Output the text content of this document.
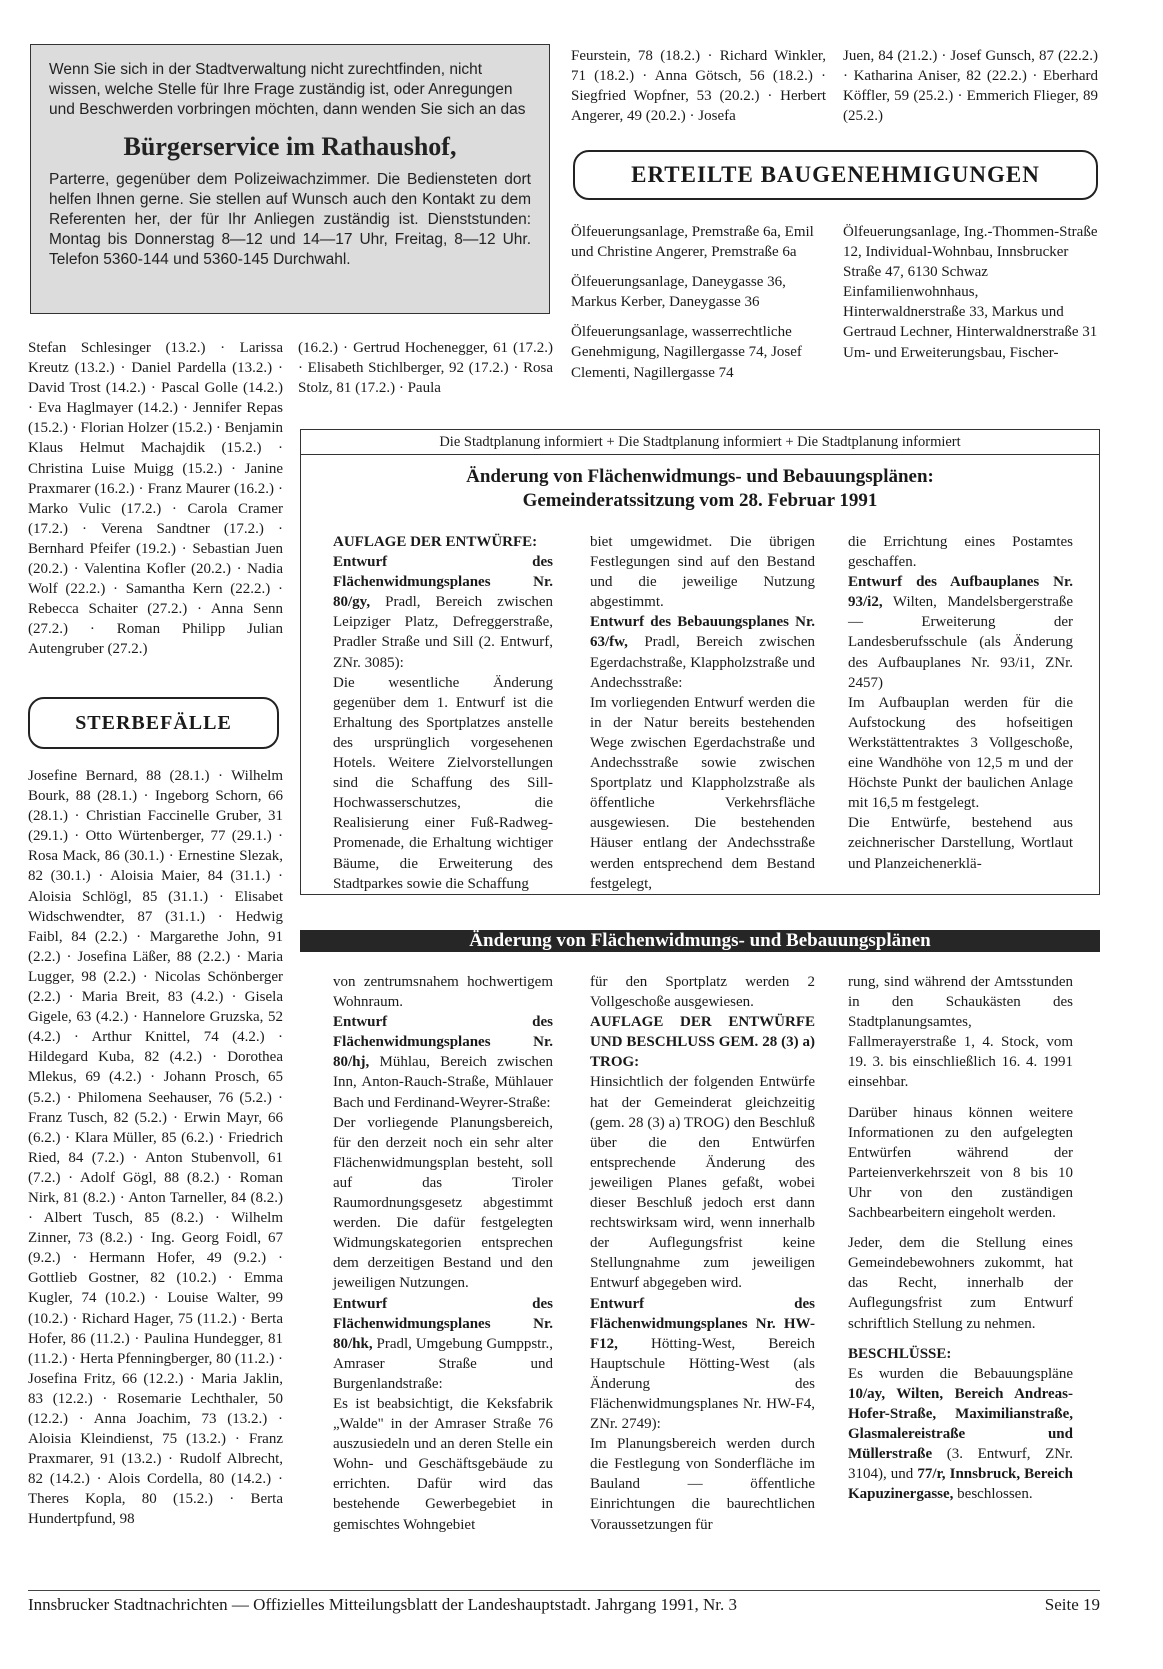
Wenn Sie sich in der Stadtverwaltung nicht zurechtfinden, nicht wissen, welche Stelle für Ihre Frage zuständig ist, oder Anregungen und Beschwerden vorbringen möchten, dann wenden Sie sich an das

Bürgerservice im Rathaushof,

Parterre, gegenüber dem Polizeiwachzimmer. Die Bediensteten dort helfen Ihnen gerne. Sie stellen auf Wunsch auch den Kontakt zu dem Referenten her, der für Ihr Anliegen zuständig ist. Dienststunden: Montag bis Donnerstag 8—12 und 14—17 Uhr, Freitag, 8—12 Uhr. Telefon 5360-144 und 5360-145 Durchwahl.

Stefan Schlesinger (13.2.) · Larissa Kreutz (13.2.) · Daniel Pardella (13.2.) · David Trost (14.2.) · Pascal Golle (14.2.) · Eva Haglmayer (14.2.) · Jennifer Repas (15.2.) · Florian Holzer (15.2.) · Benjamin Klaus Helmut Machajdik (15.2.) · Christina Luise Muigg (15.2.) · Janine Praxmarer (16.2.) · Franz Maurer (16.2.) · Marko Vulic (17.2.) · Carola Cramer (17.2.) · Verena Sandtner (17.2.) · Bernhard Pfeifer (19.2.) · Sebastian Juen (20.2.) · Valentina Kofler (20.2.) · Nadia Wolf (22.2.) · Samantha Kern (22.2.) · Rebecca Schaiter (27.2.) · Anna Senn (27.2.) · Roman Philipp Julian Autengruber (27.2.)

(16.2.) · Gertrud Hochenegger, 61 (17.2.) · Elisabeth Stichlberger, 92 (17.2.) · Rosa Stolz, 81 (17.2.) · Paula

STERBEFÄLLE

Josefine Bernard, 88 (28.1.) · Wilhelm Bourk, 88 (28.1.) · Ingeborg Schorn, 66 (28.1.) · Christian Faccinelle Gruber, 31 (29.1.) · Otto Würtenberger, 77 (29.1.) · Rosa Mack, 86 (30.1.) · Ernestine Slezak, 82 (30.1.) · Aloisia Maier, 84 (31.1.) · Aloisia Schlögl, 85 (31.1.) · Elisabet Widschwendter, 87 (31.1.) · Hedwig Faibl, 84 (2.2.) · Margarethe John, 91 (2.2.) · Josefina Läßer, 88 (2.2.) · Maria Lugger, 98 (2.2.) · Nicolas Schönberger (2.2.) · Maria Breit, 83 (4.2.) · Gisela Gigele, 63 (4.2.) · Hannelore Gruzska, 52 (4.2.) · Arthur Knittel, 74 (4.2.) · Hildegard Kuba, 82 (4.2.) · Dorothea Mlekus, 69 (4.2.) · Johann Prosch, 65 (5.2.) · Philomena Seehauser, 76 (5.2.) · Franz Tusch, 82 (5.2.) · Erwin Mayr, 66 (6.2.) · Klara Müller, 85 (6.2.) · Friedrich Ried, 84 (7.2.) · Anton Stubenvoll, 61 (7.2.) · Adolf Gögl, 88 (8.2.) · Roman Nirk, 81 (8.2.) · Anton Tarneller, 84 (8.2.) · Albert Tusch, 85 (8.2.) · Wilhelm Zinner, 73 (8.2.) · Ing. Georg Foidl, 67 (9.2.) · Hermann Hofer, 49 (9.2.) · Gottlieb Gostner, 82 (10.2.) · Emma Kugler, 74 (10.2.) · Louise Walter, 99 (10.2.) · Richard Hager, 75 (11.2.) · Berta Hofer, 86 (11.2.) · Paulina Hundegger, 81 (11.2.) · Herta Pfenningberger, 80 (11.2.) · Josefina Fritz, 66 (12.2.) · Maria Jaklin, 83 (12.2.) · Rosemarie Lechthaler, 50 (12.2.) · Anna Joachim, 73 (13.2.) · Aloisia Kleindienst, 75 (13.2.) · Franz Praxmarer, 91 (13.2.) · Rudolf Albrecht, 82 (14.2.) · Alois Cordella, 80 (14.2.) · Theres Kopla, 80 (15.2.) · Berta Hundertpfund, 98

Feurstein, 78 (18.2.) · Richard Winkler, 71 (18.2.) · Anna Götsch, 56 (18.2.) · Siegfried Wopfner, 53 (20.2.) · Herbert Angerer, 49 (20.2.) · Josefa

Juen, 84 (21.2.) · Josef Gunsch, 87 (22.2.) · Katharina Aniser, 82 (22.2.) · Eberhard Köffler, 59 (25.2.) · Emmerich Flieger, 89 (25.2.)

ERTEILTE BAUGENEHMIGUNGEN

Ölfeuerungsanlage, Premstraße 6a, Emil und Christine Angerer, Premstraße 6a

Ölfeuerungsanlage, Daneygasse 36, Markus Kerber, Daneygasse 36

Ölfeuerungsanlage, wasserrechtliche Genehmigung, Nagillergasse 74, Josef Clementi, Nagillergasse 74

Ölfeuerungsanlage, Ing.-Thommen-Straße 12, Individual-Wohnbau, Innsbrucker Straße 47, 6130 Schwaz

Einfamilienwohnhaus, Hinterwaldnerstraße 33, Markus und Gertraud Lechner, Hinterwaldnerstraße 31

Um- und Erweiterungsbau, Fischer-

Die Stadtplanung informiert + Die Stadtplanung informiert + Die Stadtplanung informiert
Änderung von Flächenwidmungs- und Bebauungsplänen:
Gemeinderatssitzung vom 28. Februar 1991

AUFLAGE DER ENTWÜRFE:

Entwurf des Flächenwidmungsplanes Nr. 80/gy, Pradl, Bereich zwischen Leipziger Platz, Defreggerstraße, Pradler Straße und Sill (2. Entwurf, ZNr. 3085):

Die wesentliche Änderung gegenüber dem 1. Entwurf ist die Erhaltung des Sportplatzes anstelle des ursprünglich vorgesehenen Hotels. Weitere Zielvorstellungen sind die Schaffung des Sill-Hochwasserschutzes, die Realisierung einer Fuß-Radweg-Promenade, die Erhaltung wichtiger Bäume, die Erweiterung des Stadtparkes sowie die Schaffung

biet umgewidmet. Die übrigen Festlegungen sind auf den Bestand und die jeweilige Nutzung abgestimmt.

Entwurf des Bebauungsplanes Nr. 63/fw, Pradl, Bereich zwischen Egerdachstraße, Klappholzstraße und Andechsstraße:

Im vorliegenden Entwurf werden die in der Natur bereits bestehenden Wege zwischen Egerdachstraße und Andechsstraße sowie zwischen Sportplatz und Klappholzstraße als öffentliche Verkehrsfläche ausgewiesen. Die bestehenden Häuser entlang der Andechsstraße werden entsprechend dem Bestand festgelegt,

die Errichtung eines Postamtes geschaffen.

Entwurf des Aufbauplanes Nr. 93/i2, Wilten, Mandelsbergerstraße — Erweiterung der Landesberufsschule (als Änderung des Aufbauplanes Nr. 93/i1, ZNr. 2457)

Im Aufbauplan werden für die Aufstockung des hofseitigen Werkstättentraktes 3 Vollgeschoße, eine Wandhöhe von 12,5 m und der Höchste Punkt der baulichen Anlage mit 16,5 m festgelegt.

Die Entwürfe, bestehend aus zeichnerischer Darstellung, Wortlaut und Planzeichenerklä-

Änderung von Flächenwidmungs- und Bebauungsplänen

von zentrumsnahem hochwertigem Wohnraum.

Entwurf des Flächenwidmungsplanes Nr. 80/hj, Mühlau, Bereich zwischen Inn, Anton-Rauch-Straße, Mühlauer Bach und Ferdinand-Weyrer-Straße:

Der vorliegende Planungsbereich, für den derzeit noch ein sehr alter Flächenwidmungsplan besteht, soll auf das Tiroler Raumordnungsgesetz abgestimmt werden. Die dafür festgelegten Widmungskategorien entsprechen dem derzeitigen Bestand und den jeweiligen Nutzungen.

Entwurf des Flächenwidmungsplanes Nr. 80/hk, Pradl, Umgebung Gumppstr., Amraser Straße und Burgenlandstraße:

Es ist beabsichtigt, die Keksfabrik „Walde" in der Amraser Straße 76 auszusiedeln und an deren Stelle ein Wohn- und Geschäftsgebäude zu errichten. Dafür wird das bestehende Gewerbegebiet in gemischtes Wohngebiet

für den Sportplatz werden 2 Vollgeschoße ausgewiesen.

AUFLAGE DER ENTWÜRFE UND BESCHLUSS GEM. 28 (3) a) TROG:

Hinsichtlich der folgenden Entwürfe hat der Gemeinderat gleichzeitig (gem. 28 (3) a) TROG) den Beschluß über die den Entwürfen entsprechende Änderung des jeweiligen Planes gefaßt, wobei dieser Beschluß jedoch erst dann rechtswirksam wird, wenn innerhalb der Auflegungsfrist keine Stellungnahme zum jeweiligen Entwurf abgegeben wird.

Entwurf des Flächenwidmungsplanes Nr. HW-F12, Hötting-West, Bereich Hauptschule Hötting-West (als Änderung des Flächenwidmungsplanes Nr. HW-F4, ZNr. 2749):

Im Planungsbereich werden durch die Festlegung von Sonderfläche im Bauland — öffentliche Einrichtungen die baurechtlichen Voraussetzungen für

rung, sind während der Amtsstunden in den Schaukästen des Stadtplanungsamtes, Fallmerayerstraße 1, 4. Stock, vom 19. 3. bis einschließlich 16. 4. 1991 einsehbar.

Darüber hinaus können weitere Informationen zu den aufgelegten Entwürfen während der Parteienverkehrszeit von 8 bis 10 Uhr von den zuständigen Sachbearbeitern eingeholt werden.

Jeder, dem die Stellung eines Gemeindebewohners zukommt, hat das Recht, innerhalb der Auflegungsfrist zum Entwurf schriftlich Stellung zu nehmen.

BESCHLÜSSE:

Es wurden die Bebauungspläne 10/ay, Wilten, Bereich Andreas-Hofer-Straße, Maximilianstraße, Glasmalereistraße und Müllerstraße (3. Entwurf, ZNr. 3104), und 77/r, Innsbruck, Bereich Kapuzinergasse, beschlossen.

Innsbrucker Stadtnachrichten — Offizielles Mitteilungsblatt der Landeshauptstadt. Jahrgang 1991, Nr. 3	Seite 19
